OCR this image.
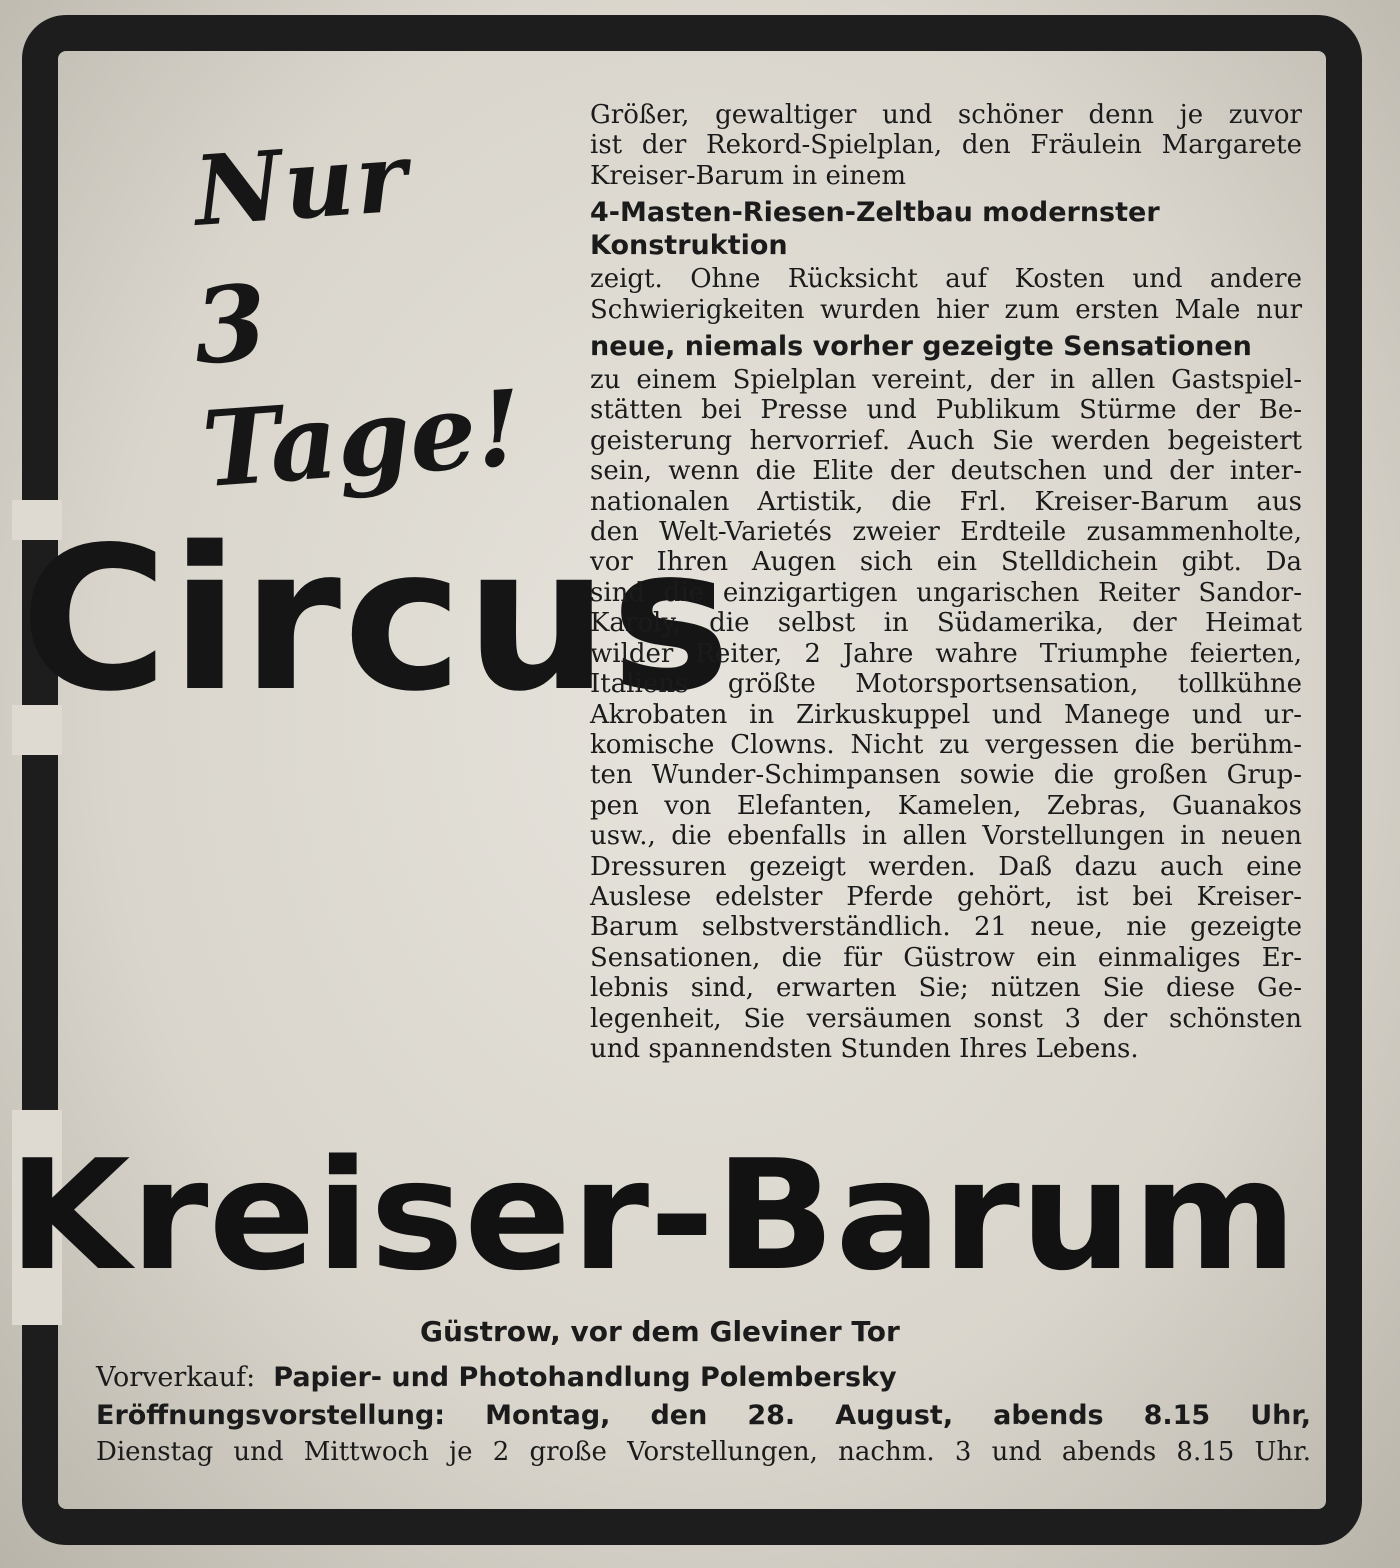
Nur
3 Tage!
Circus

Größer, gewaltiger und schöner denn je zuvor

ist der Rekord-Spielplan, den Fräulein Margarete

Kreiser-Barum in einem

4-Masten-Riesen-Zeltbau modernster Konstruktion

zeigt. Ohne Rücksicht auf Kosten und andere

Schwierigkeiten wurden hier zum ersten Male nur

neue, niemals vorher gezeigte Sensationen

zu einem Spielplan vereint, der in allen Gastspiel-

stätten bei Presse und Publikum Stürme der Be-

geisterung hervorrief. Auch Sie werden begeistert

sein, wenn die Elite der deutschen und der inter-

nationalen Artistik, die Frl. Kreiser-Barum aus

den Welt-Varietés zweier Erdteile zusammenholte,

vor Ihren Augen sich ein Stelldichein gibt. Da

sind die einzigartigen ungarischen Reiter Sandor-

Karoly, die selbst in Südamerika, der Heimat

wilder Reiter, 2 Jahre wahre Triumphe feierten,

Italiens größte Motorsportsensation, tollkühne

Akrobaten in Zirkuskuppel und Manege und ur-

komische Clowns. Nicht zu vergessen die berühm-

ten Wunder-Schimpansen sowie die großen Grup-

pen von Elefanten, Kamelen, Zebras, Guanakos

usw., die ebenfalls in allen Vorstellungen in neuen

Dressuren gezeigt werden. Daß dazu auch eine

Auslese edelster Pferde gehört, ist bei Kreiser-

Barum selbstverständlich. 21 neue, nie gezeigte

Sensationen, die für Güstrow ein einmaliges Er-

lebnis sind, erwarten Sie; nützen Sie diese Ge-

legenheit, Sie versäumen sonst 3 der schönsten

und spannendsten Stunden Ihres Lebens.

Kreiser-Barum
Güstrow, vor dem Gleviner Tor
Vorverkauf: Papier- und Photohandlung Polembersky
Eröffnungsvorstellung: Montag, den 28. August, abends 8.15 Uhr,
Dienstag und Mittwoch je 2 große Vorstellungen, nachm. 3 und abends 8.15 Uhr.
